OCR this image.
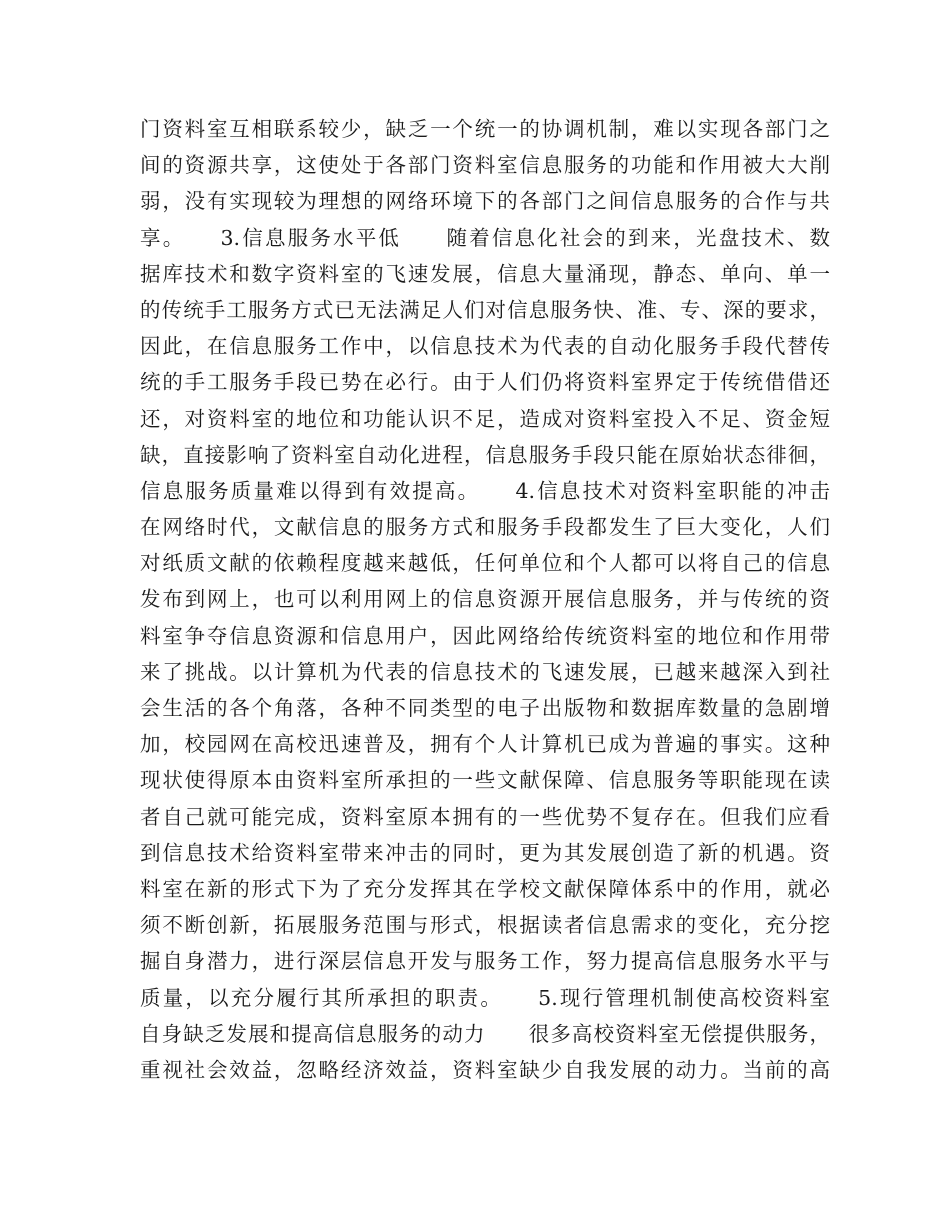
门资料室互相联系较少，缺乏一个统一的协调机制，难以实现各部门之
间的资源共享，这使处于各部门资料室信息服务的功能和作用被大大削
弱，没有实现较为理想的网络环境下的各部门之间信息服务的合作与共
享。　　3.信息服务水平低　　随着信息化社会的到来，光盘技术、数
据库技术和数字资料室的飞速发展，信息大量涌现，静态、单向、单一
的传统手工服务方式已无法满足人们对信息服务快、准、专、深的要求，
因此，在信息服务工作中，以信息技术为代表的自动化服务手段代替传
统的手工服务手段已势在必行。由于人们仍将资料室界定于传统借借还
还，对资料室的地位和功能认识不足，造成对资料室投入不足、资金短
缺，直接影响了资料室自动化进程，信息服务手段只能在原始状态徘徊，
信息服务质量难以得到有效提高。　　4.信息技术对资料室职能的冲击
在网络时代，文献信息的服务方式和服务手段都发生了巨大变化，人们
对纸质文献的依赖程度越来越低，任何单位和个人都可以将自己的信息
发布到网上，也可以利用网上的信息资源开展信息服务，并与传统的资
料室争夺信息资源和信息用户，因此网络给传统资料室的地位和作用带
来了挑战。以计算机为代表的信息技术的飞速发展，已越来越深入到社
会生活的各个角落，各种不同类型的电子出版物和数据库数量的急剧增
加，校园网在高校迅速普及，拥有个人计算机已成为普遍的事实。这种
现状使得原本由资料室所承担的一些文献保障、信息服务等职能现在读
者自己就可能完成，资料室原本拥有的一些优势不复存在。但我们应看
到信息技术给资料室带来冲击的同时，更为其发展创造了新的机遇。资
料室在新的形式下为了充分发挥其在学校文献保障体系中的作用，就必
须不断创新，拓展服务范围与形式，根据读者信息需求的变化，充分挖
掘自身潜力，进行深层信息开发与服务工作，努力提高信息服务水平与
质量，以充分履行其所承担的职责。　　5.现行管理机制使高校资料室
自身缺乏发展和提高信息服务的动力　　很多高校资料室无偿提供服务，
重视社会效益，忽略经济效益，资料室缺少自我发展的动力。当前的高
